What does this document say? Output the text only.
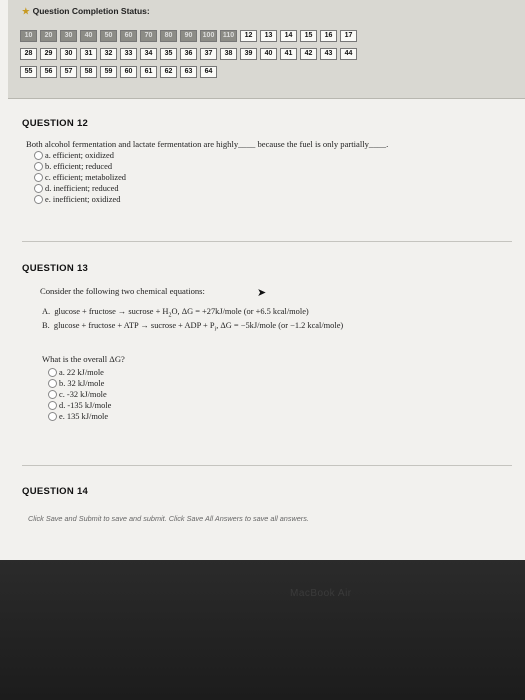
★ Question Completion Status:
10	20	30	40	50	60	70	80	90	100	110	12	13	14	15	16	17
28	29	30	31	32	33	34	35	36	37	38	39	40	41	42	43	44
55	56	57	58	59	60	61	62	63	64
QUESTION 12
Both alcohol fermentation and lactate fermentation are highly____ because the fuel is only partially____.
a. efficient; oxidized
b. efficient; reduced
c. efficient; metabolized
d. inefficient; reduced
e. inefficient; oxidized
QUESTION 13
Consider the following two chemical equations:
A. glucose + fructose → sucrose + $H_2O$, ΔG = +27kJ/mole (or +6.5 kcal/mole)
B. glucose + fructose + ATP → sucrose + ADP + $P_i$, ΔG = −5kJ/mole (or −1.2 kcal/mole)
What is the overall ΔG?
a. 22 kJ/mole
b. 32 kJ/mole
c. -32 kJ/mole
d. -135 kJ/mole
e. 135 kJ/mole
➤
QUESTION 14
Click Save and Submit to save and submit. Click Save All Answers to save all answers.
MacBook Air
